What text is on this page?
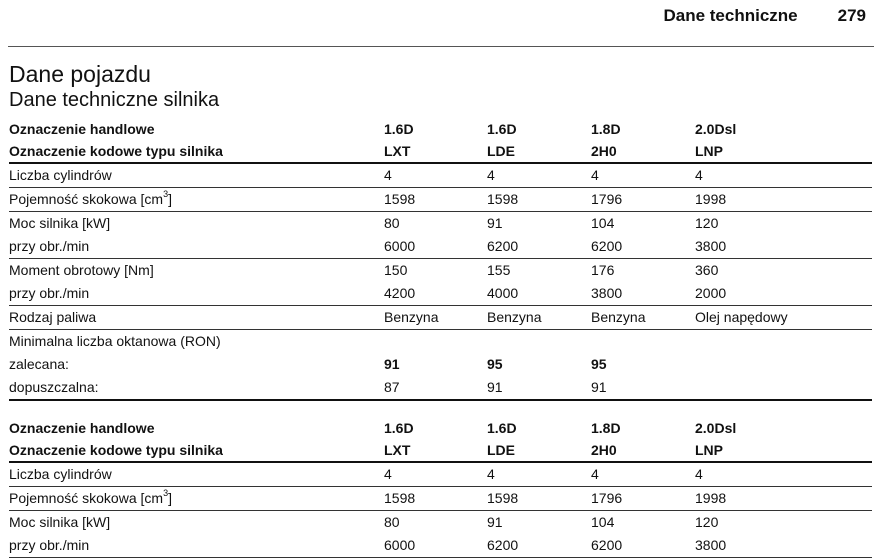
Dane techniczne 279
Dane pojazdu
Dane techniczne silnika
Oznaczenie handlowe	1.6D	1.6D	1.8D	2.0Dsl
Oznaczenie kodowe typu silnika	LXT	LDE	2H0	LNP
Liczba cylindrów	4	4	4	4
Pojemność skokowa $[cm^3]$	1598	1598	1796	1998
Moc silnika [kW]	80	91	104	120
przy obr./min	6000	6200	6200	3800
Moment obrotowy [Nm]	150	155	176	360
przy obr./min	4200	4000	3800	2000
Rodzaj paliwa	Benzyna	Benzyna	Benzyna	Olej napędowy
Minimalna liczba oktanowa (RON)
zalecana:	91	95	95
dopuszczalna:	87	91	91
Oznaczenie handlowe	1.6D	1.6D	1.8D	2.0Dsl
Oznaczenie kodowe typu silnika	LXT	LDE	2H0	LNP
Liczba cylindrów	4	4	4	4
Pojemność skokowa $[cm^3]$	1598	1598	1796	1998
Moc silnika [kW]	80	91	104	120
przy obr./min	6000	6200	6200	3800
